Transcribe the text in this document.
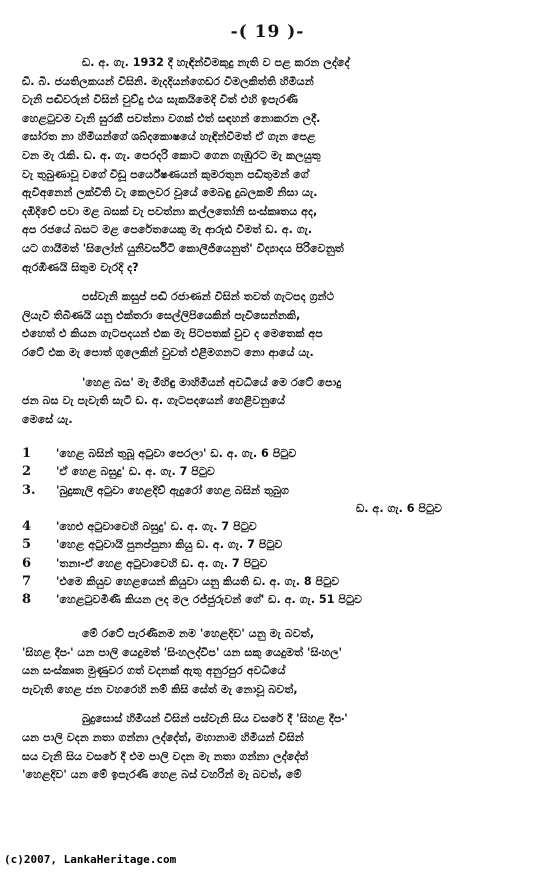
-( 19 )-
ඩ. අ. ගැ. 1932 දී හැඳින්වීමකුදු නැති ව පළ කරන ලද්දේ
ඩී. බී. ජයතිලකයන් විසිනි. මැදදියන්ගෙඩර විමලකිත්ති හිමියන්
වැනි පඬිවරුන් විසින් චුව්දු එය සැකයිමෙදි විත් එහි ඉපැරණි
හෙළටුවම වැනි සුරකී පවත්නා වගක් එත් සඳහන් නොකරන ලදී.
සෝරත නා හිමියන්ගේ ශබ්දකොෂයේ හැඳින්වීමත් ඒ ගැන පෙළ
වන මැ රැකි. ඩ. අ. ගැ. පෙරදරි කොට ගෙන ගැඹුරට මැ කලයුතු
වැ තුබුණාවූ වගේ විඩූ පර්යේෂණයන් කුමරතුන පඩිතුමන් ගේ
ඇවිඅනෙන් ලක්විති වැ කෙලවර වූයේ මෙබඳු දුබලකම් නිසා යැ.
දඹිදිවේ පවා මළ බසක් වැ පවත්නා කල්ලතෝනි සංස්කෘතය අද,
අප රජයේ බසට මළ පෙරේතයෙකු මැ ආරුඪ වීමත් ඩ. අ. ගැ.
යට ගායීමත් 'සිලෝන් යුනිවර්සිටි කොලීජියෙනුත්' විද්‍යාදය පිරිවෙනුත්
ඇරඹිණයි සිතුම වැරදි ද?
පස්වැනි කසුප් පඬි රජාණන් විසින් තවත් ගැටපද ග්‍රන්ථ
ලියැවී තිබිණයි යනු එක්තරා සෙල්ලිපියෙකින් පැවිසෙන්නකි,
එහෙත් එ කියන ගැටපදයන් එක මැ පිටපතක් වුව ද මෙතෙක් අප
රටේ එක මැ පොත් ගුලෙකින් වුවත් එළිමගනට නො ආයේ යැ.
'හෙළ බස' මැ මිහිඳු මාහිමියන් අවධියේ මෙ රටේ පොදු
ජන බස වැ පැවැති සැටි ඩ. අ. ගැටපදයෙන් හෙළිවනුයේ
මෙසේ යැ.
1	'හෙළ බසින් තුබූ අටුවා පෙරලා' ඩ. අ. ගැ. 6 පිටුව
2	'ඒ හෙළ බසුදු' ඩ. අ. ගැ. 7 පිටුව
3.	'බුදුකැලි අටුවා හෙළදිව් ඇදුරෝ හෙළ බසින් තුබුග
ඩ. අ. ගැ. 6 පිටුව
4	'හෙළු අටුවාවෙහි බසුදු' ඩ. අ. ගැ. 7 පිටුව
5	'හෙළ අටුවායි පුනප්පුනා කියු ඩ. අ. ගැ. 7 පිටුව
6	'තනඃ-ඒ හෙළ අටුවාවෙහි ඩ. අ. ගැ. 7 පිටුව
7	'එමෙ කියුව හෙළයෙන් කියුවා යනු කියති ඩ. අ. ගැ. 8 පිටුව
8	'හෙළටුවමිණි කියන ලද මල රජ්ජුරුවන් ගේ' ඩ. අ. ගැ. 51 පිටුව
මේ රටේ පැරණිනම නම 'හෙළදිව' යනු මැ බවත්,
'සිහළ දීපං' යන පාලි යෙදුමත් 'සිංහලද්වීප' යන සකු යෙදුමත් 'සිංහල'
යන සංස්කෘත මුණුවර ගත් වදනක් ඇතු අනුරපුර අවධියේ
පැවැති හෙළ ජන වහරෙහි නම් කිසි සේත් මැ නොවූ බවත්,
බුදුඝොස් හිමියන් විසින් පස්වැනි සිය වසරේ දී 'සිහළ දීපං'
යන පාලි වදන නතා ගන්නා ලද්දේත්, මහානාම හිමියන් විසින්
සය වැනි සිය වසරේ දී එම පාලි වදන මැ නතා ගන්නා ලද්දේත්
'හෙළදිව' යන මේ ඉපැරණි හෙළ බස් වහරින් මැ බවත්, මේ
(c)2007, LankaHeritage.com
